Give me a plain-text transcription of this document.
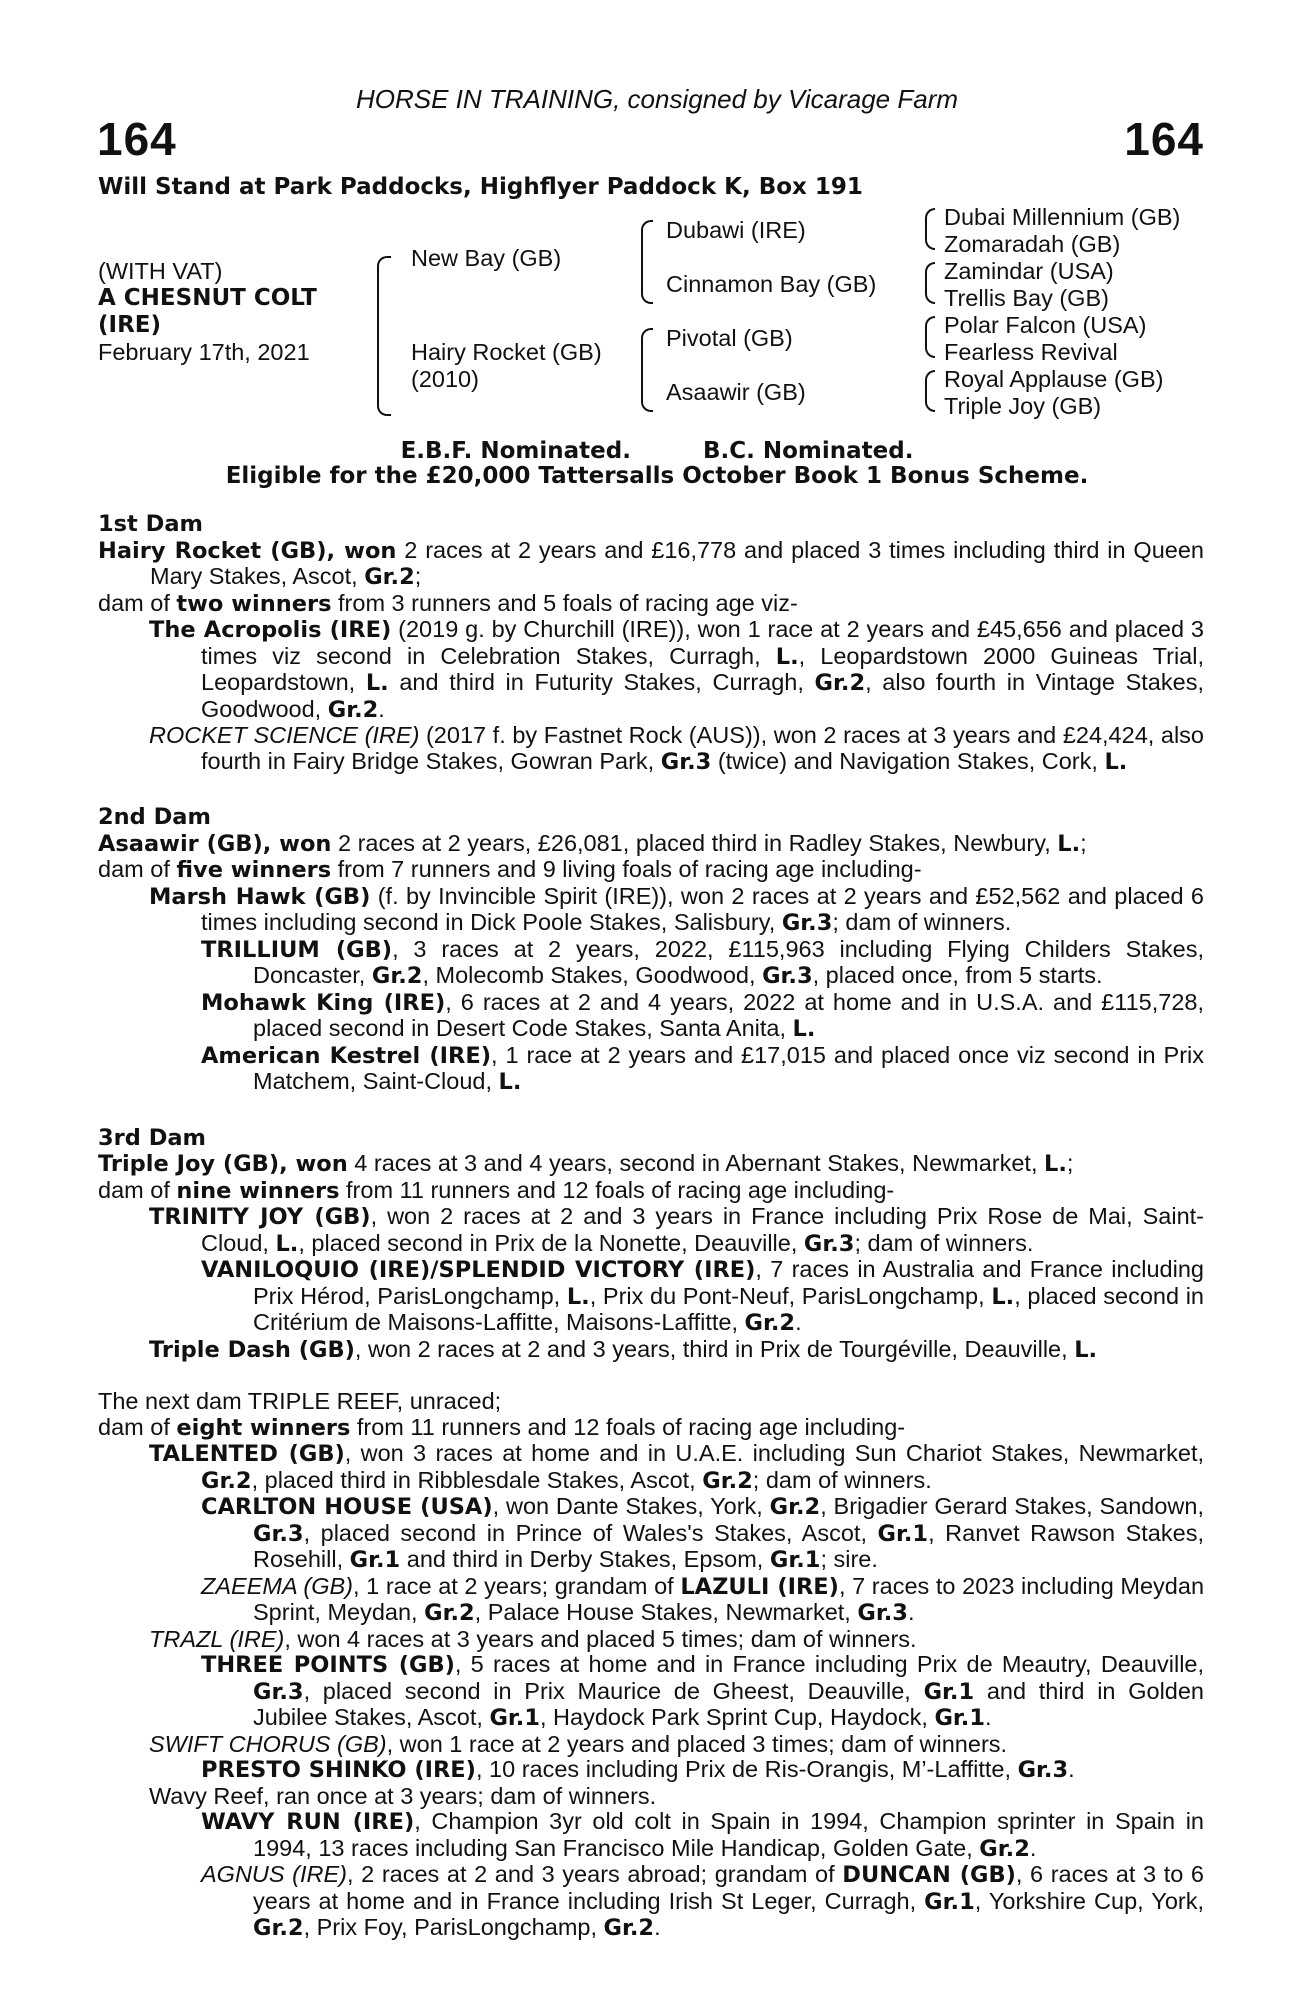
HORSE IN TRAINING, consigned by Vicarage Farm
164	164
Will Stand at Park Paddocks, Highflyer Paddock K, Box 191
(WITH VAT)
A CHESNUT COLT
(IRE)
February 17th, 2021
New Bay (GB)
Hairy Rocket (GB)
(2010)
Dubawi (IRE)
Cinnamon Bay (GB)
Pivotal (GB)
Asaawir (GB)
Dubai Millennium (GB)
Zomaradah (GB)
Zamindar (USA)
Trellis Bay (GB)
Polar Falcon (USA)
Fearless Revival
Royal Applause (GB)
Triple Joy (GB)
E.B.F. Nominated.	B.C. Nominated.
Eligible for the £20,000 Tattersalls October Book 1 Bonus Scheme.
1st Dam

Hairy Rocket (GB), won 2 races at 2 years and £16,778 and placed 3 times including third in Queen Mary Stakes, Ascot, Gr.2;

dam of two winners from 3 runners and 5 foals of racing age viz-

The Acropolis (IRE) (2019 g. by Churchill (IRE)), won 1 race at 2 years and £45,656 and placed 3 times viz second in Celebration Stakes, Curragh, L., Leopardstown 2000 Guineas Trial, Leopardstown, L. and third in Futurity Stakes, Curragh, Gr.2, also fourth in Vintage Stakes, Goodwood, Gr.2.

ROCKET SCIENCE (IRE) (2017 f. by Fastnet Rock (AUS)), won 2 races at 3 years and £24,424, also fourth in Fairy Bridge Stakes, Gowran Park, Gr.3 (twice) and Navigation Stakes, Cork, L.

2nd Dam

Asaawir (GB), won 2 races at 2 years, £26,081, placed third in Radley Stakes, Newbury, L.;

dam of five winners from 7 runners and 9 living foals of racing age including-

Marsh Hawk (GB) (f. by Invincible Spirit (IRE)), won 2 races at 2 years and £52,562 and placed 6 times including second in Dick Poole Stakes, Salisbury, Gr.3; dam of winners.

TRILLIUM (GB), 3 races at 2 years, 2022, £115,963 including Flying Childers Stakes, Doncaster, Gr.2, Molecomb Stakes, Goodwood, Gr.3, placed once, from 5 starts.

Mohawk King (IRE), 6 races at 2 and 4 years, 2022 at home and in U.S.A. and £115,728, placed second in Desert Code Stakes, Santa Anita, L.

American Kestrel (IRE), 1 race at 2 years and £17,015 and placed once viz second in Prix Matchem, Saint-Cloud, L.

3rd Dam

Triple Joy (GB), won 4 races at 3 and 4 years, second in Abernant Stakes, Newmarket, L.;

dam of nine winners from 11 runners and 12 foals of racing age including-

TRINITY JOY (GB), won 2 races at 2 and 3 years in France including Prix Rose de Mai, Saint-Cloud, L., placed second in Prix de la Nonette, Deauville, Gr.3; dam of winners.

VANILOQUIO (IRE)/SPLENDID VICTORY (IRE), 7 races in Australia and France including Prix Hérod, ParisLongchamp, L., Prix du Pont-Neuf, ParisLongchamp, L., placed second in Critérium de Maisons-Laffitte, Maisons-Laffitte, Gr.2.

Triple Dash (GB), won 2 races at 2 and 3 years, third in Prix de Tourgéville, Deauville, L.

The next dam TRIPLE REEF, unraced;

dam of eight winners from 11 runners and 12 foals of racing age including-

TALENTED (GB), won 3 races at home and in U.A.E. including Sun Chariot Stakes, Newmarket, Gr.2, placed third in Ribblesdale Stakes, Ascot, Gr.2; dam of winners.

CARLTON HOUSE (USA), won Dante Stakes, York, Gr.2, Brigadier Gerard Stakes, Sandown, Gr.3, placed second in Prince of Wales's Stakes, Ascot, Gr.1, Ranvet Rawson Stakes, Rosehill, Gr.1 and third in Derby Stakes, Epsom, Gr.1; sire.

ZAEEMA (GB), 1 race at 2 years; grandam of LAZULI (IRE), 7 races to 2023 including Meydan Sprint, Meydan, Gr.2, Palace House Stakes, Newmarket, Gr.3.

TRAZL (IRE), won 4 races at 3 years and placed 5 times; dam of winners.

THREE POINTS (GB), 5 races at home and in France including Prix de Meautry, Deauville, Gr.3, placed second in Prix Maurice de Gheest, Deauville, Gr.1 and third in Golden Jubilee Stakes, Ascot, Gr.1, Haydock Park Sprint Cup, Haydock, Gr.1.

SWIFT CHORUS (GB), won 1 race at 2 years and placed 3 times; dam of winners.

PRESTO SHINKO (IRE), 10 races including Prix de Ris-Orangis, M’-Laffitte, Gr.3.

Wavy Reef, ran once at 3 years; dam of winners.

WAVY RUN (IRE), Champion 3yr old colt in Spain in 1994, Champion sprinter in Spain in 1994, 13 races including San Francisco Mile Handicap, Golden Gate, Gr.2.

AGNUS (IRE), 2 races at 2 and 3 years abroad; grandam of DUNCAN (GB), 6 races at 3 to 6 years at home and in France including Irish St Leger, Curragh, Gr.1, Yorkshire Cup, York, Gr.2, Prix Foy, ParisLongchamp, Gr.2.
